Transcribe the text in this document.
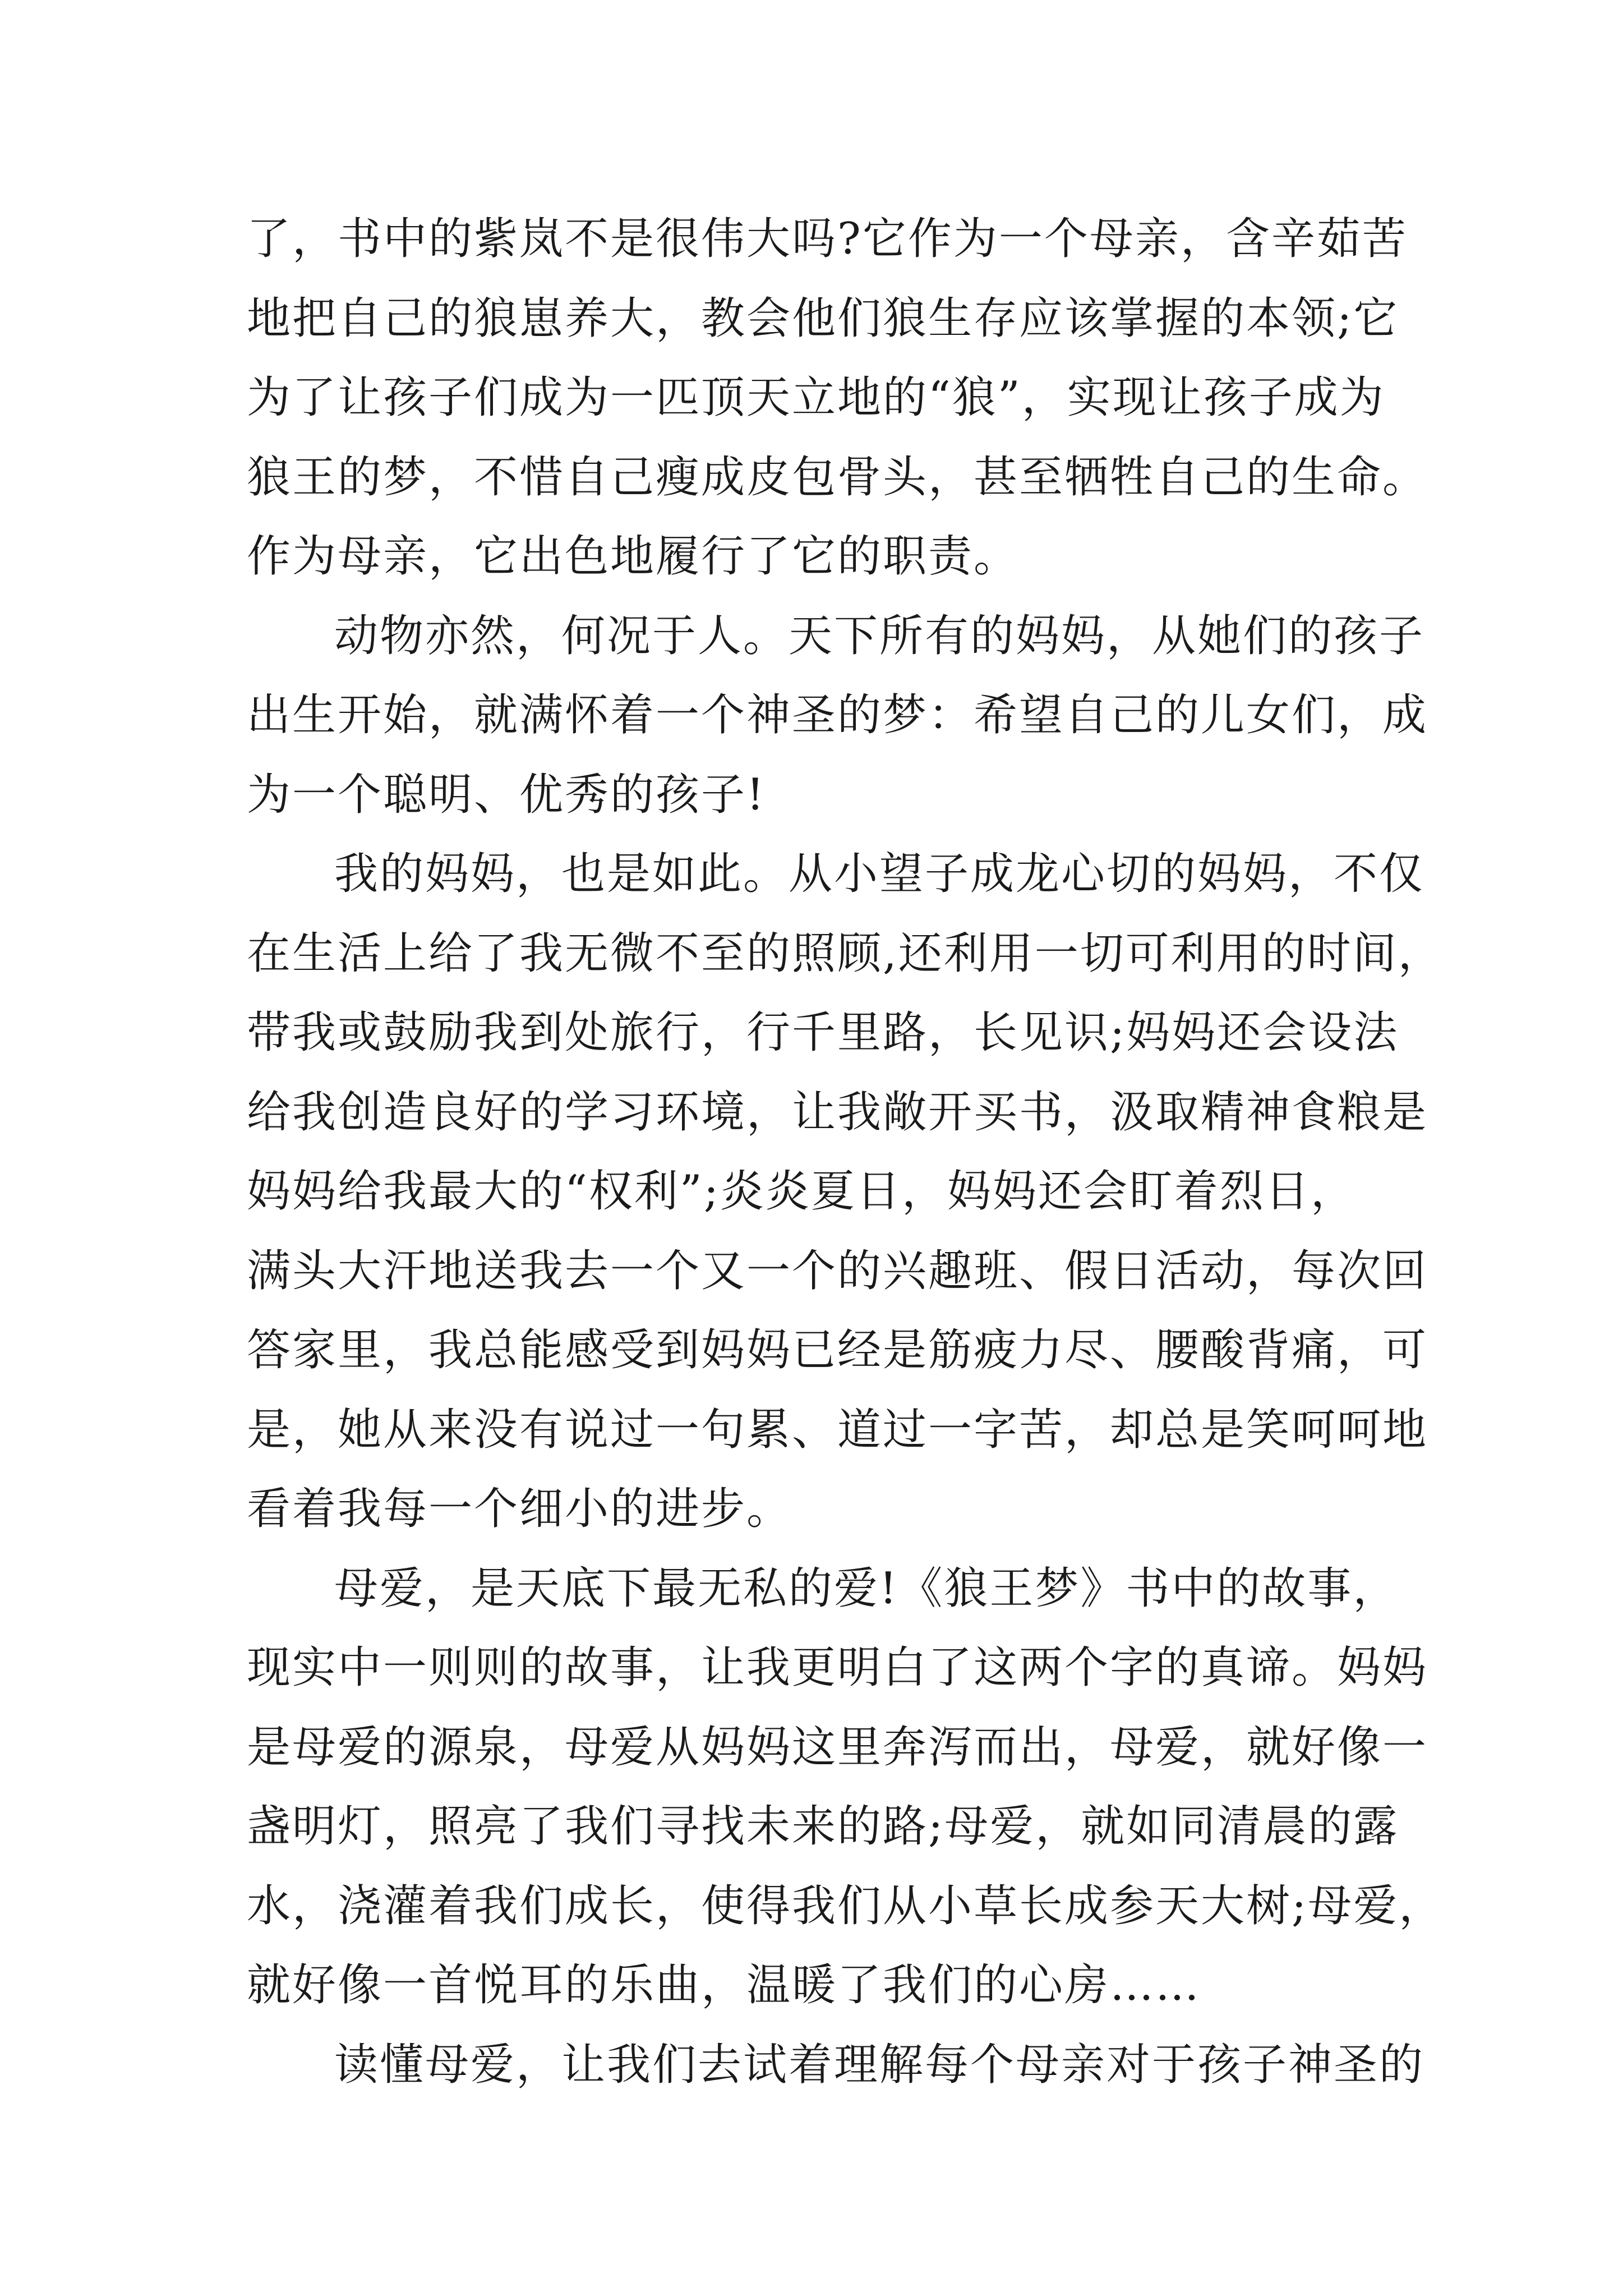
了，书中的紫岚不是很伟大吗?它作为一个母亲，含辛茹苦
地把自己的狼崽养大，教会他们狼生存应该掌握的本领;它
为了让孩子们成为一匹顶天立地的“狼”，实现让孩子成为
狼王的梦，不惜自己瘦成皮包骨头，甚至牺牲自己的生命。
作为母亲，它出色地履行了它的职责。
动物亦然，何况于人。天下所有的妈妈，从她们的孩子
出生开始，就满怀着一个神圣的梦：希望自己的儿女们，成
为一个聪明、优秀的孩子!
我的妈妈，也是如此。从小望子成龙心切的妈妈，不仅
在生活上给了我无微不至的照顾,还利用一切可利用的时间，
带我或鼓励我到处旅行，行千里路，长见识;妈妈还会设法
给我创造良好的学习环境，让我敞开买书，汲取精神食粮是
妈妈给我最大的“权利”;炎炎夏日，妈妈还会盯着烈日，
满头大汗地送我去一个又一个的兴趣班、假日活动，每次回
答家里，我总能感受到妈妈已经是筋疲力尽、腰酸背痛，可
是，她从来没有说过一句累、道过一字苦，却总是笑呵呵地
看着我每一个细小的进步。
母爱，是天底下最无私的爱!《狼王梦》书中的故事，
现实中一则则的故事，让我更明白了这两个字的真谛。妈妈
是母爱的源泉，母爱从妈妈这里奔泻而出，母爱，就好像一
盏明灯，照亮了我们寻找未来的路;母爱，就如同清晨的露
水，浇灌着我们成长，使得我们从小草长成参天大树;母爱，
就好像一首悦耳的乐曲，温暖了我们的心房……
读懂母爱，让我们去试着理解每个母亲对于孩子神圣的
